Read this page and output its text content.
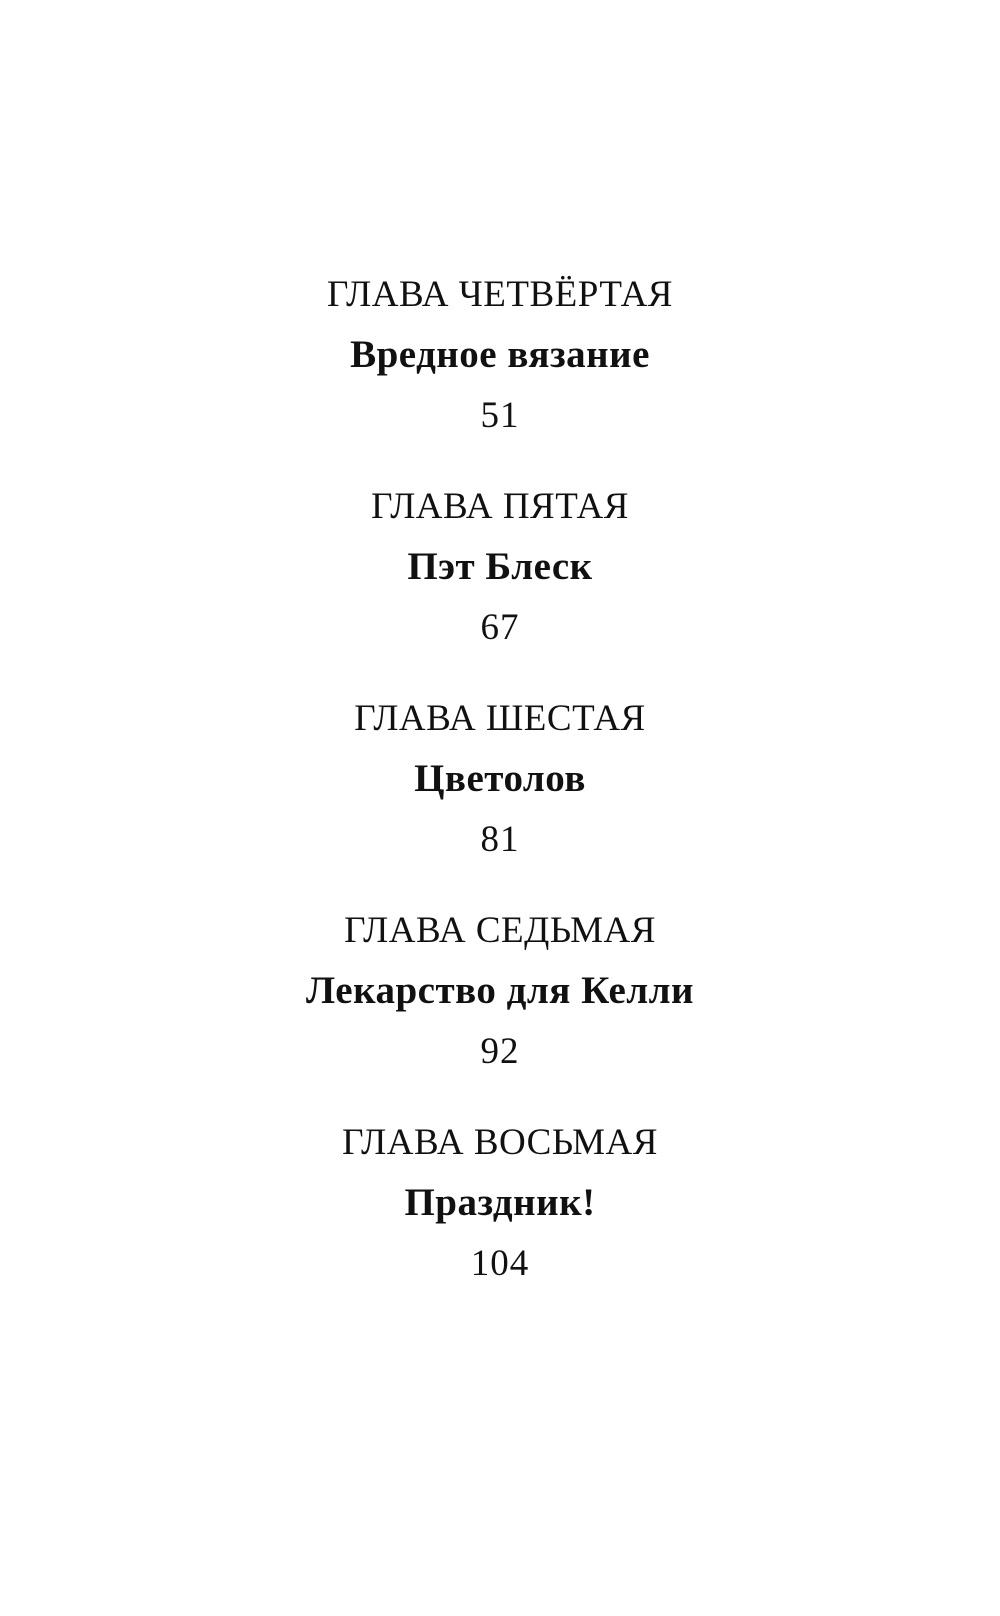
ГЛАВА ЧЕТВЁРТАЯ
Вредное вязание
51
ГЛАВА ПЯТАЯ
Пэт Блеск
67
ГЛАВА ШЕСТАЯ
Цветолов
81
ГЛАВА СЕДЬМАЯ
Лекарство для Келли
92
ГЛАВА ВОСЬМАЯ
Праздник!
104
